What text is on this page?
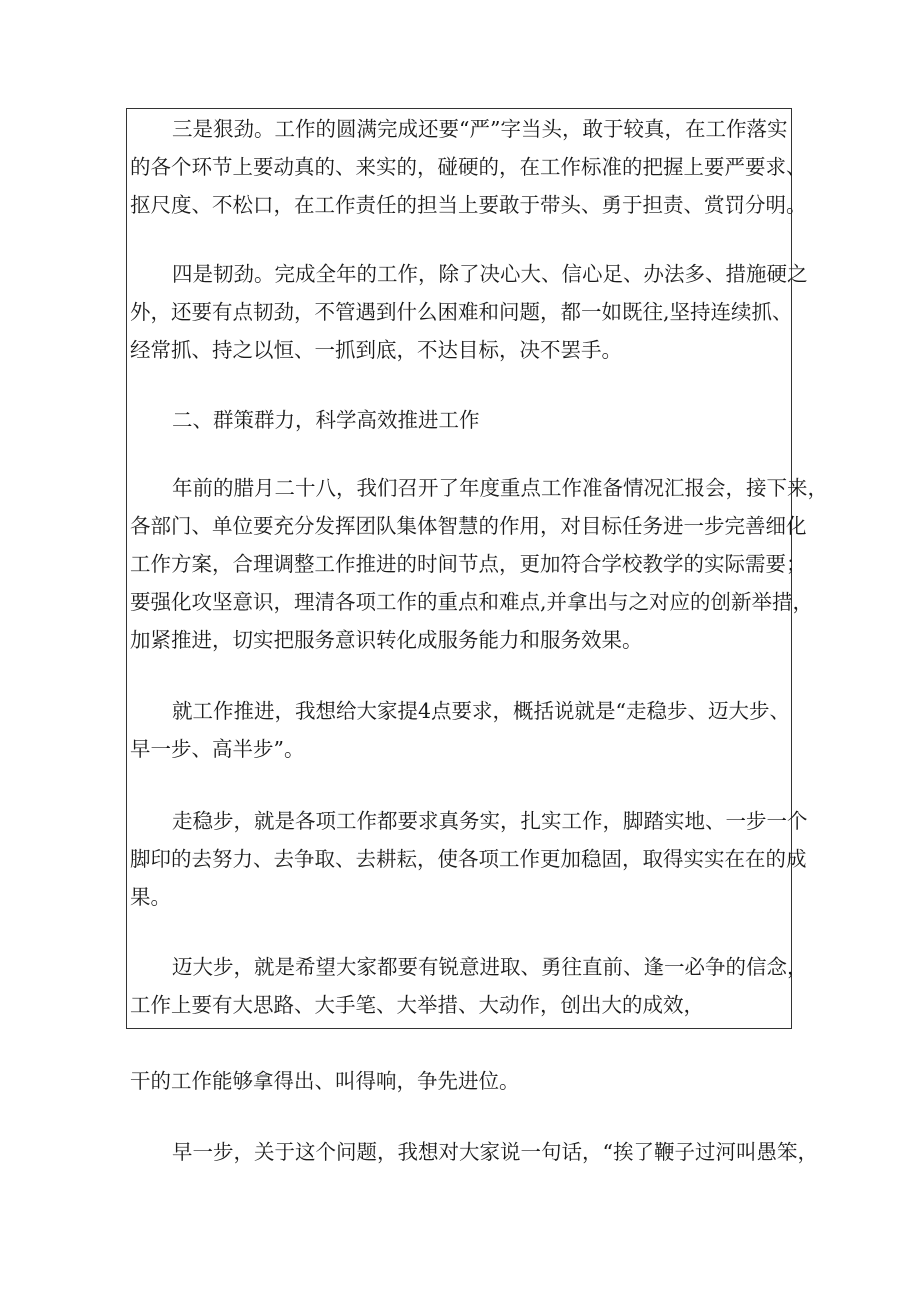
三是狠劲。工作的圆满完成还要“严”字当头，敢于较真，在工作落实
的各个环节上要动真的、来实的，碰硬的，在工作标准的把握上要严要求、
抠尺度、不松口，在工作责任的担当上要敢于带头、勇于担责、赏罚分明。
四是韧劲。完成全年的工作，除了决心大、信心足、办法多、措施硬之
外，还要有点韧劲，不管遇到什么困难和问题，都一如既往,坚持连续抓、
经常抓、持之以恒、一抓到底，不达目标，决不罢手。
二、群策群力，科学高效推进工作
年前的腊月二十八，我们召开了年度重点工作准备情况汇报会，接下来，
各部门、单位要充分发挥团队集体智慧的作用，对目标任务进一步完善细化
工作方案，合理调整工作推进的时间节点，更加符合学校教学的实际需要；
要强化攻坚意识，理清各项工作的重点和难点,并拿出与之对应的创新举措，
加紧推进，切实把服务意识转化成服务能力和服务效果。
就工作推进，我想给大家提4点要求，概括说就是“走稳步、迈大步、
早一步、高半步”。
走稳步，就是各项工作都要求真务实，扎实工作，脚踏实地、一步一个
脚印的去努力、去争取、去耕耘，使各项工作更加稳固，取得实实在在的成
果。
迈大步，就是希望大家都要有锐意进取、勇往直前、逢一必争的信念，
工作上要有大思路、大手笔、大举措、大动作，创出大的成效，
干的工作能够拿得出、叫得响，争先进位。
早一步，关于这个问题，我想对大家说一句话，“挨了鞭子过河叫愚笨，
